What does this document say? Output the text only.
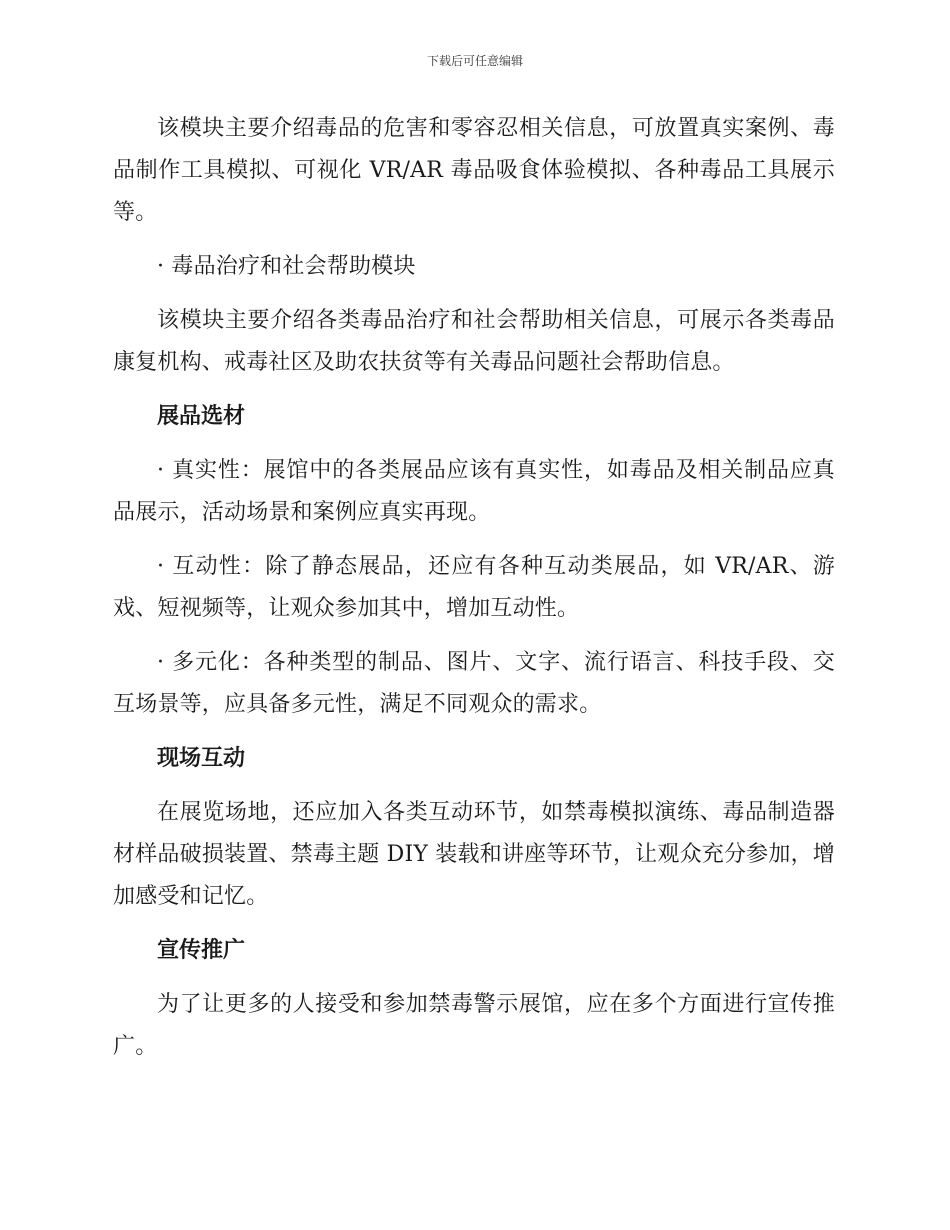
下载后可任意编辑

该模块主要介绍毒品的危害和零容忍相关信息，可放置真实案例、毒品制作工具模拟、可视化 VR/AR 毒品吸食体验模拟、各种毒品工具展示等。

· 毒品治疗和社会帮助模块

该模块主要介绍各类毒品治疗和社会帮助相关信息，可展示各类毒品康复机构、戒毒社区及助农扶贫等有关毒品问题社会帮助信息。

展品选材

· 真实性：展馆中的各类展品应该有真实性，如毒品及相关制品应真品展示，活动场景和案例应真实再现。

· 互动性：除了静态展品，还应有各种互动类展品，如 VR/AR、游戏、短视频等，让观众参加其中，增加互动性。

· 多元化：各种类型的制品、图片、文字、流行语言、科技手段、交互场景等，应具备多元性，满足不同观众的需求。

现场互动

在展览场地，还应加入各类互动环节，如禁毒模拟演练、毒品制造器材样品破损装置、禁毒主题 DIY 装载和讲座等环节，让观众充分参加，增加感受和记忆。

宣传推广

为了让更多的人接受和参加禁毒警示展馆，应在多个方面进行宣传推广。
